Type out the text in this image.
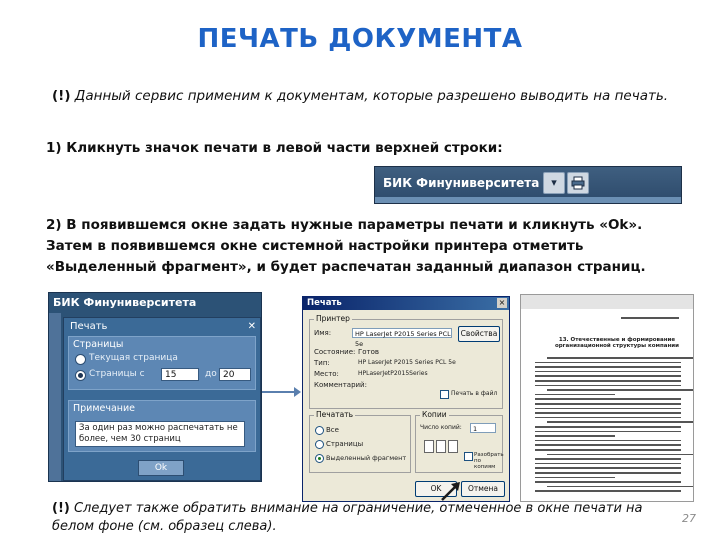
ПЕЧАТЬ ДОКУМЕНТА
(!) Данный сервис применим к документам, которые разрешено выводить на печать.
1) Кликнуть значок печати в левой части верхней строки:
БИК Финуниверситета	▾
2) В появившемся окне задать нужные параметры печати и кликнуть «Ok».
Затем в появившемся окне системной настройки принтера отметить
«Выделенный фрагмент», и будет распечатан заданный диапазон страниц.
БИК Финуниверситета
Печать	✕
Страницы
Текущая страница
Страницы с	15	до 20
Примечание
За один раз можно распечатать не более, чем 30 страниц
Ok
Печать	×
Принтер
Имя:	HP LaserJet P2015 Series PCL 5e
Свойства
Состояние: Готов
Тип:	HP LaserJet P2015 Series PCL 5e
Место:	HPLaserJetP2015Series
Комментарий:
Печать в файл
Печатать
Все
Страницы
Выделенный фрагмент
Копии
Число копий:	1
Разобрать по копиям
OK	Отмена
13. Отечественные и формирование организационной структуры компании
(!) Следует также обратить внимание на ограничение, отмеченное в окне печати на белом фоне (см. образец слева).
27
